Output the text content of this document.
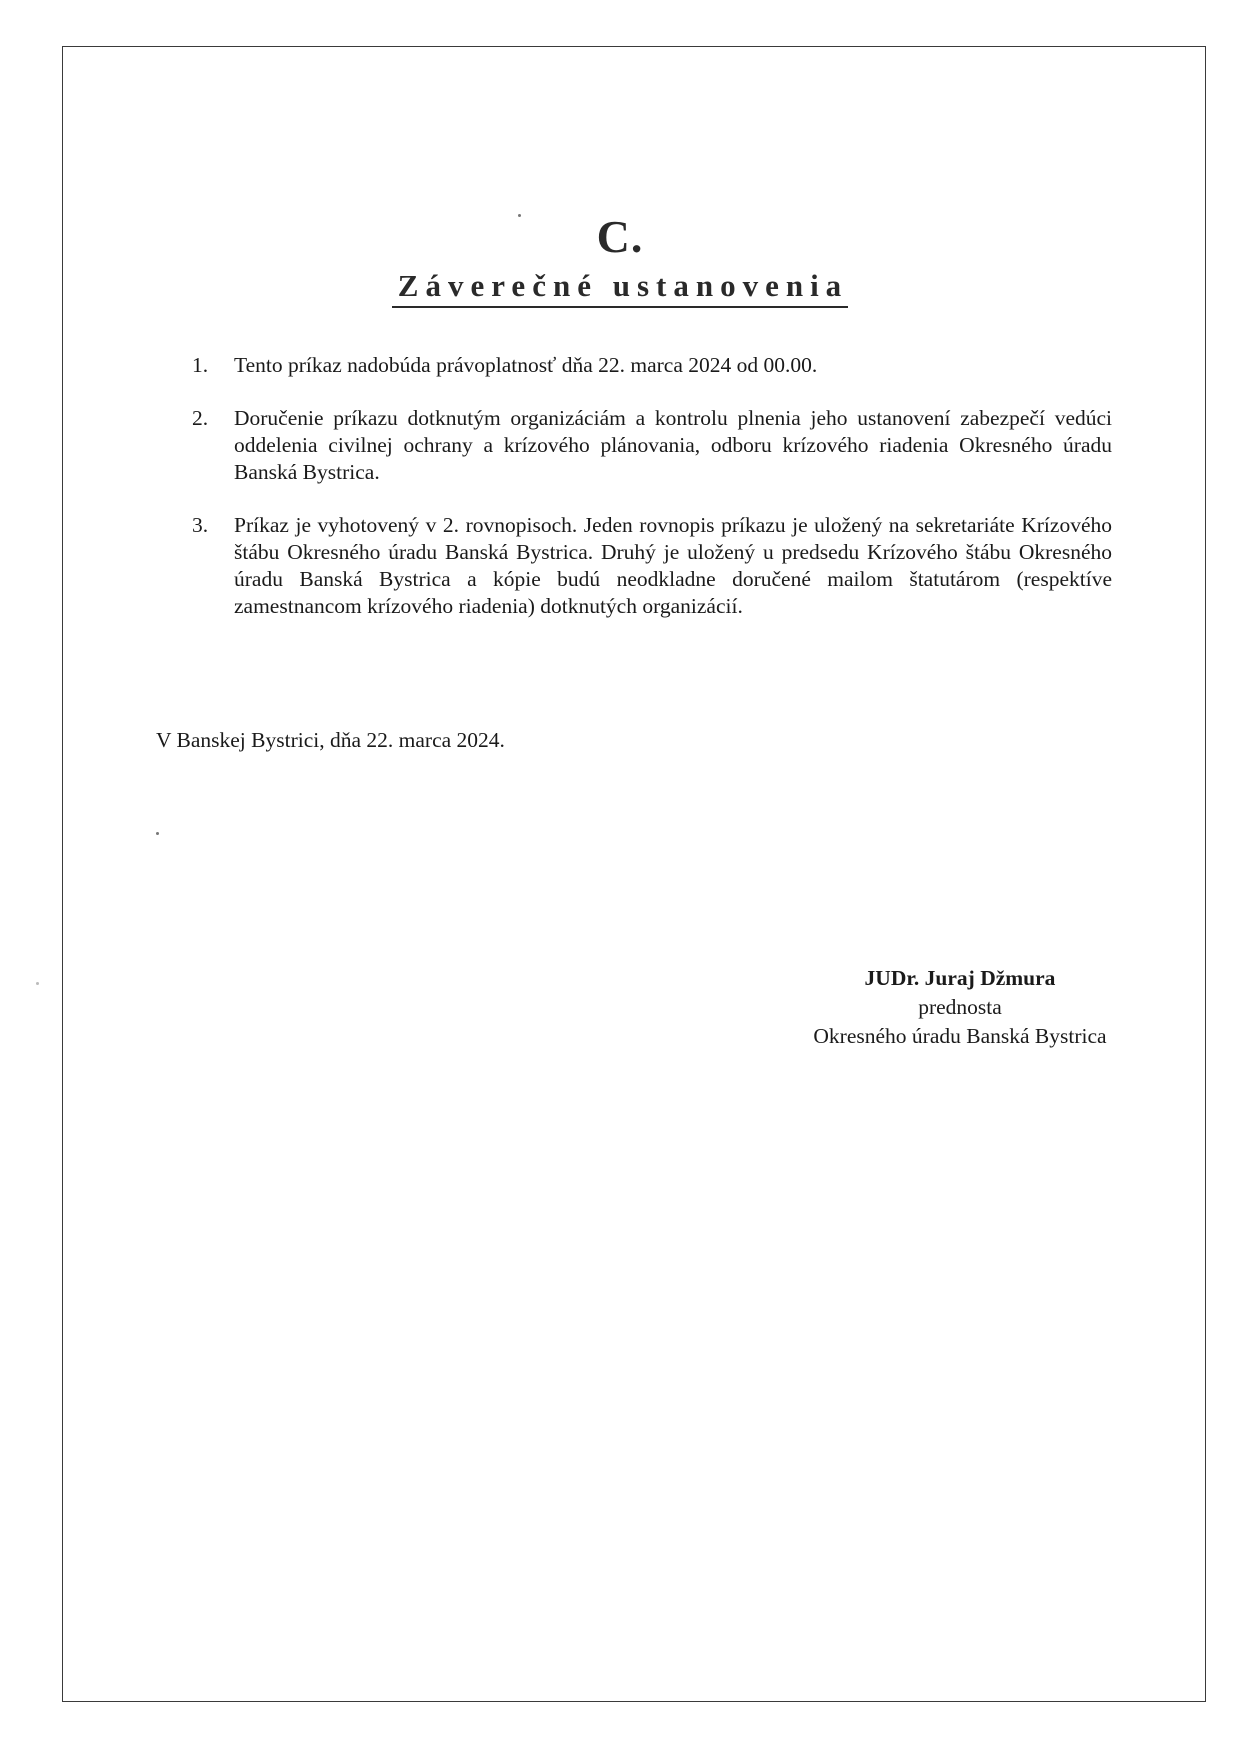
C.
Záverečné ustanovenia
1. Tento príkaz nadobúda právoplatnosť dňa 22. marca 2024 od 00.00.
2. Doručenie príkazu dotknutým organizáciám a kontrolu plnenia jeho ustanovení zabezpečí vedúci oddelenia civilnej ochrany a krízového plánovania, odboru krízového riadenia Okresného úradu Banská Bystrica.
3. Príkaz je vyhotovený v 2. rovnopisoch. Jeden rovnopis príkazu je uložený na sekretariáte Krízového štábu Okresného úradu Banská Bystrica. Druhý je uložený u predsedu Krízového štábu Okresného úradu Banská Bystrica a kópie budú neodkladne doručené mailom štatutárom (respektíve zamestnancom krízového riadenia) dotknutých organizácií.
V Banskej Bystrici, dňa 22. marca 2024.
JUDr. Juraj Džmura
prednosta
Okresného úradu Banská Bystrica
